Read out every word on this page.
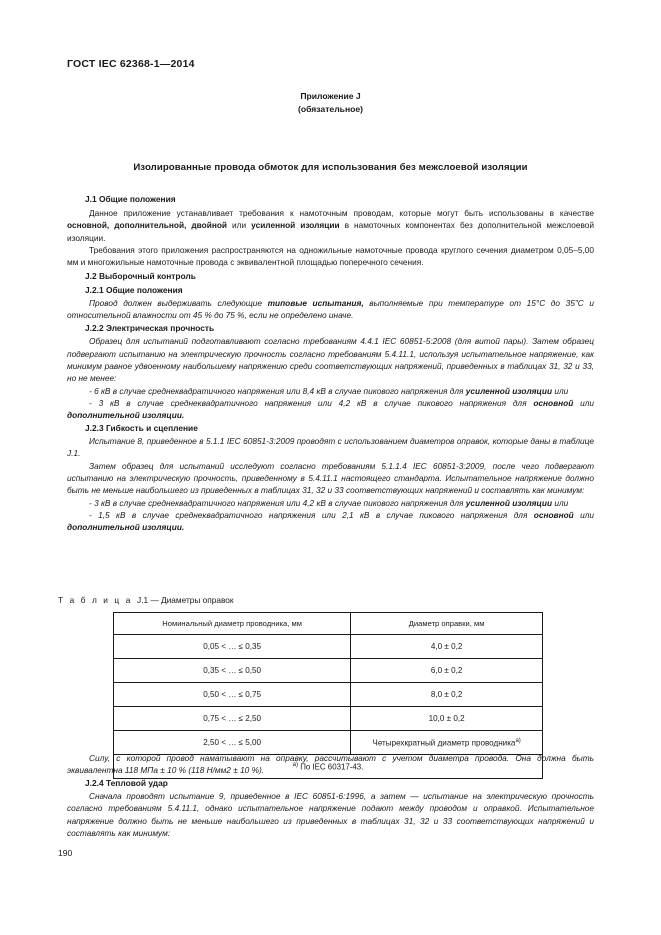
ГОСТ IEC 62368-1—2014
Приложение J
(обязательное)
Изолированные провода обмоток для использования без межслоевой изоляции
J.1 Общие положения

Данное приложение устанавливает требования к намоточным проводам, которые могут быть использованы в качестве основной, дополнительной, двойной или усиленной изоляции в намоточных компонентах без дополнительной межслоевой изоляции.

Требования этого приложения распространяются на одножильные намоточные провода круглого сечения диаметром 0,05–5,00 мм и многожильные намоточные провода с эквивалентной площадью поперечного сечения.

J.2 Выборочный контроль
J.2.1 Общие положения

Провод должен выдерживать следующие типовые испытания, выполняемые при температуре от 15°С до 35"С и относительной влажности от 45 % до 75 %, если не определено иначе.

J.2.2 Электрическая прочность

Образец для испытаний подготавливают согласно требованиям 4.4.1 IEC 60851-5:2008 (для витой пары). Затем образец подвергают испытанию на электрическую прочность согласно требованиям 5.4.11.1, используя испытательное напряжение, как минимум равное удвоенному наибольшему напряжению среди соответствующих напряжений, приведенных в таблицах 31, 32 и 33, но не менее:

- 6 кВ в случае среднеквадратичного напряжения или 8,4 кВ в случае пикового напряжения для усиленной изоляции или

- 3 кВ в случае среднеквадратичного напряжения или 4,2 кВ в случае пикового напряжения для основной или дополнительной изоляции.

J.2.3 Гибкость и сцепление

Испытание 8, приведенное в 5.1.1 IEC 60851-3:2009 проводят с использованием диаметров оправок, которые даны в таблице J.1.

Затем образец для испытаний исследуют согласно требованиям 5.1.1.4 IEC 60851-3:2009, после чего подвергают испытанию на электрическую прочность, приведенному в 5.4.11.1 настоящего стандарта. Испытательное напряжение должно быть не меньше наибольшего из приведенных в таблицах 31, 32 и 33 соответствующих напряжений и составлять как минимум:

- 3 кВ в случае среднеквадратичного напряжения или 4,2 кВ в случае пикового напряжения для усиленной изоляции или

- 1,5 кВ в случае среднеквадратичного напряжения или 2,1 кВ в случае пикового напряжения для основной или дополнительной изоляции.

Т а б л и ц а J.1 — Диаметры оправок
Номинальный диаметр проводника, мм	Диаметр оправки, мм
0,05 < … ≤ 0,35	4,0 ± 0,2
0,35 < … ≤ 0,50	6,0 ± 0,2
0,50 < … ≤ 0,75	8,0 ± 0,2
0,75 < … ≤ 2,50	10,0 ± 0,2
2,50 < … ≤ 5,00	Четырехкратный диаметр проводника$^{а)}$
$^{а)}$ По IEC 60317-43.	

Силу, с которой провод наматывают на оправку, рассчитывают с учетом диаметра провода. Она должна быть эквивалентна 118 МПа ± 10 % (118 Н/мм2 ± 10 %).

J.2.4 Тепловой удар

Сначала проводят испытание 9, приведенное в IEC 60851-6:1996, а затем — испытание на электрическую прочность согласно требованиям 5.4.11.1, однако испытательное напряжение подают между проводом и оправкой. Испытательное напряжение должно быть не меньше наибольшего из приведенных в таблицах 31, 32 и 33 соответствующих напряжений и составлять как минимум:

190
